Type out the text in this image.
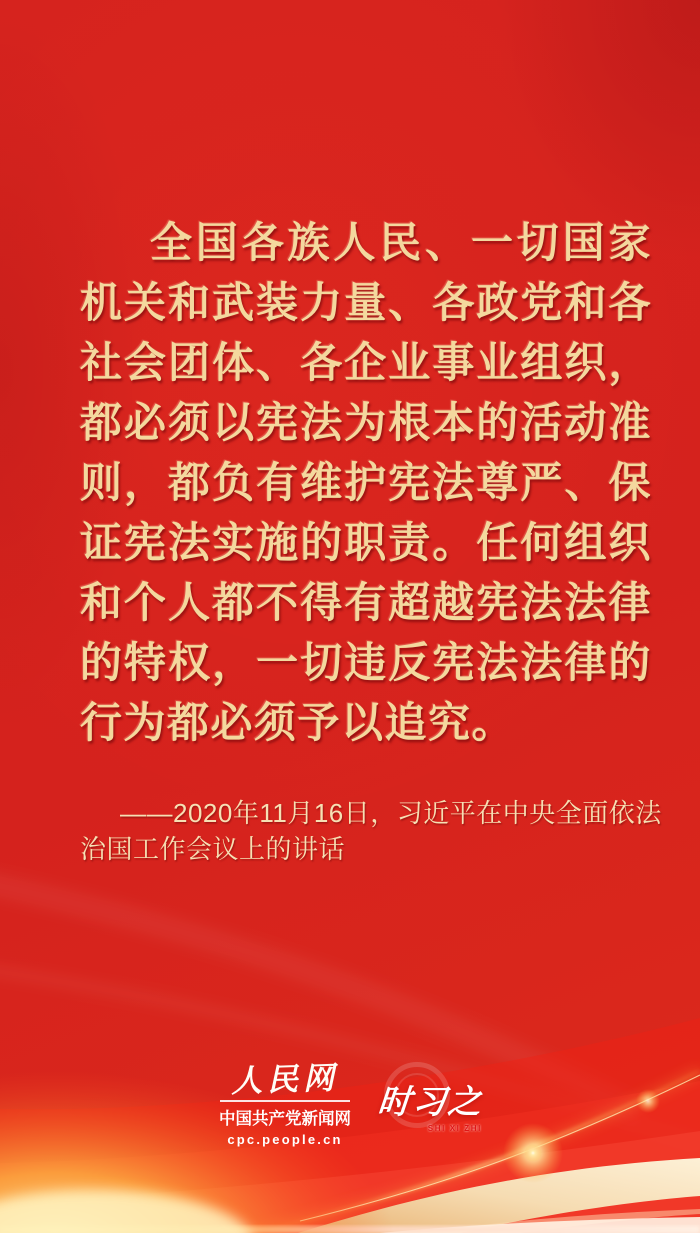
全国各族人民、一切国家机关和武装力量、各政党和各社会团体、各企业事业组织，都必须以宪法为根本的活动准则，都负有维护宪法尊严、保证宪法实施的职责。任何组织和个人都不得有超越宪法法律的特权，一切违反宪法法律的行为都必须予以追究。
——2020年11月16日，习近平在中央全面依法治国工作会议上的讲话
人民网
中国共产党新闻网
cpc.people.cn
时习之
SHI XI ZHI
